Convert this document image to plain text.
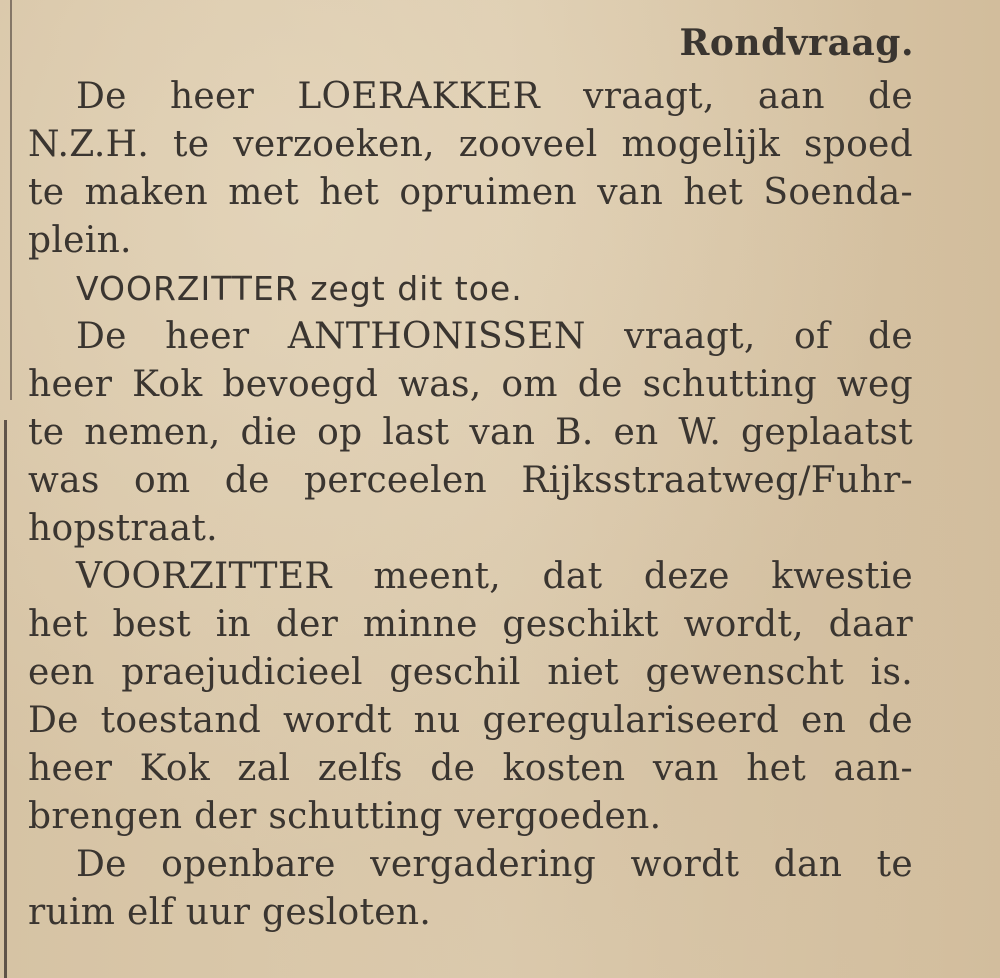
Rondvraag.
De heer LOERAKKER vraagt, aan de
N.Z.H. te verzoeken, zooveel mogelijk spoed
te maken met het opruimen van het Soenda-
plein.
VOORZITTER zegt dit toe.
De heer ANTHONISSEN vraagt, of de
heer Kok bevoegd was, om de schutting weg
te nemen, die op last van B. en W. geplaatst
was om de perceelen Rijksstraatweg/Fuhr-
hopstraat.
VOORZITTER meent, dat deze kwestie
het best in der minne geschikt wordt, daar
een praejudicieel geschil niet gewenscht is.
De toestand wordt nu geregulariseerd en de
heer Kok zal zelfs de kosten van het aan-
brengen der schutting vergoeden.
De openbare vergadering wordt dan te
ruim elf uur gesloten.
